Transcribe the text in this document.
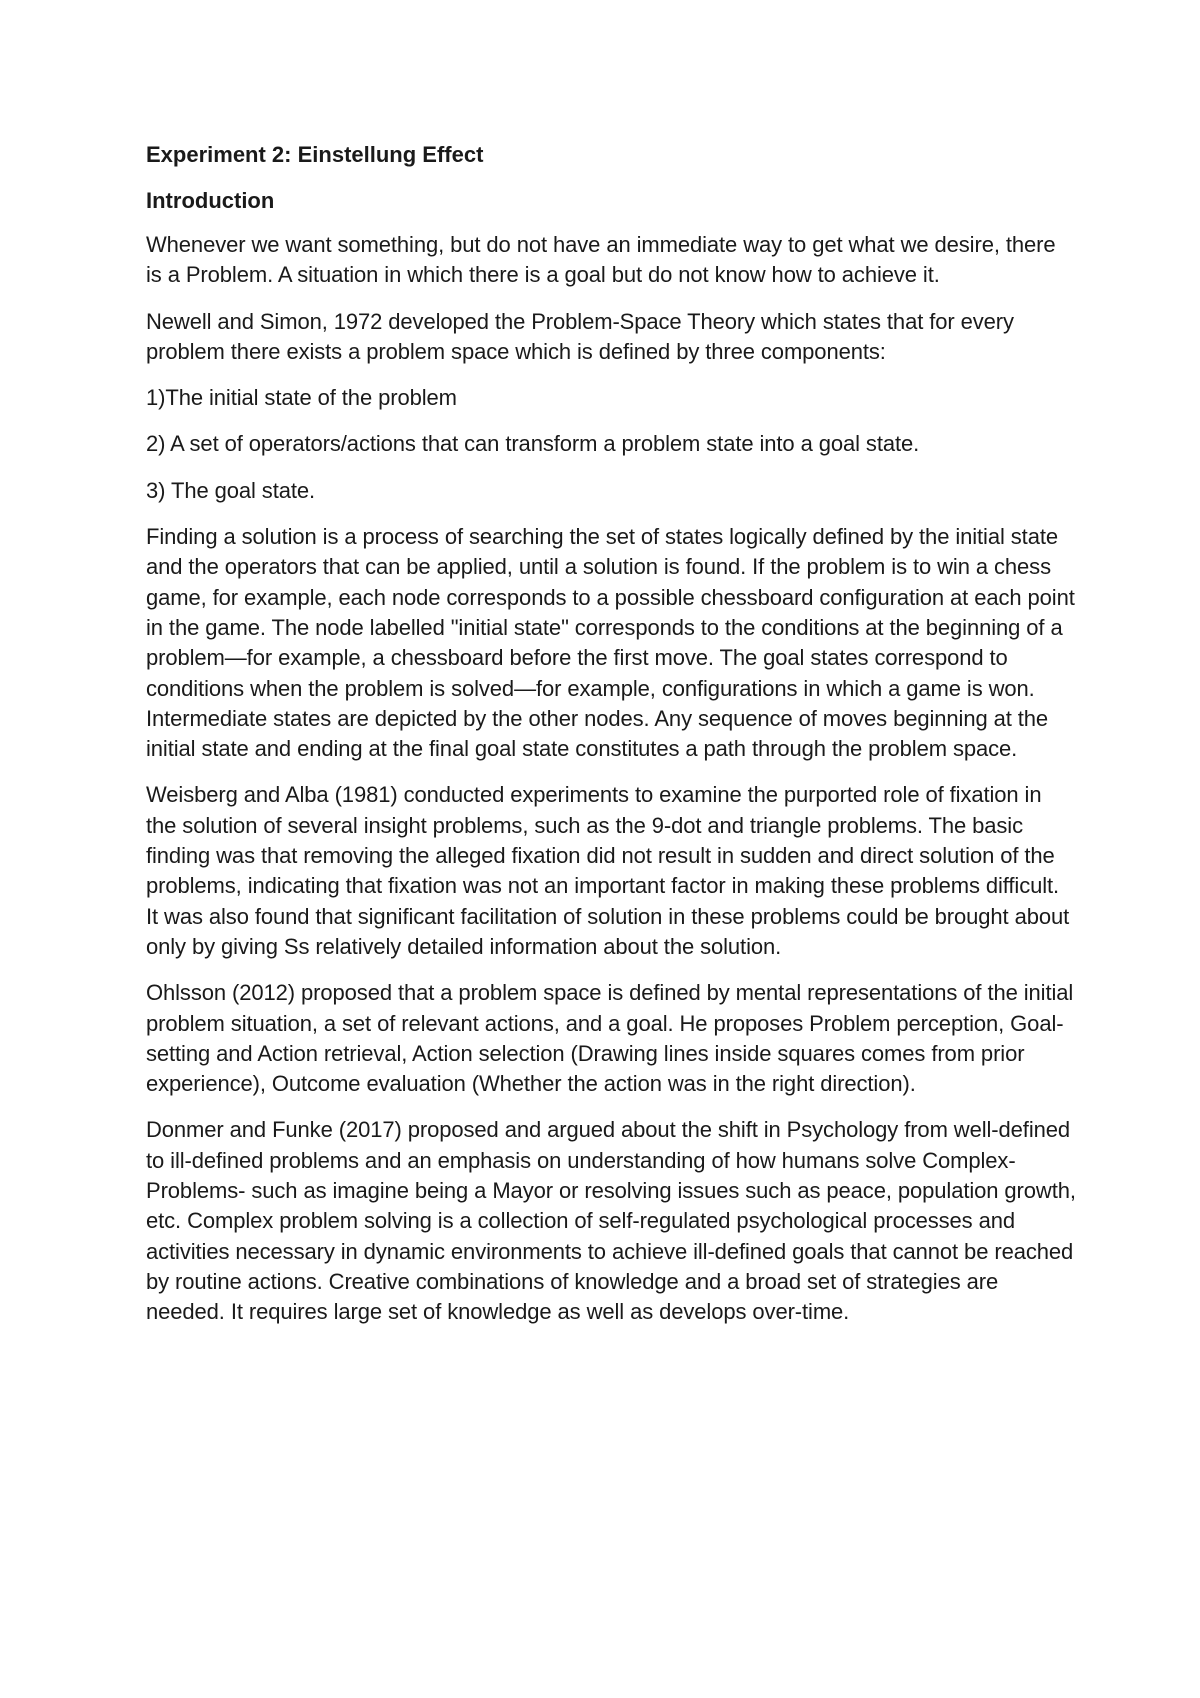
Experiment 2: Einstellung Effect
Introduction

Whenever we want something, but do not have an immediate way to get what we desire, there is a Problem. A situation in which there is a goal but do not know how to achieve it.

Newell and Simon, 1972 developed the Problem-Space Theory which states that for every problem there exists a problem space which is defined by three components:

1)The initial state of the problem

2) A set of operators/actions that can transform a problem state into a goal state.

3) The goal state.

Finding a solution is a process of searching the set of states logically defined by the initial state and the operators that can be applied, until a solution is found. If the problem is to win a chess game, for example, each node corresponds to a possible chessboard configuration at each point in the game. The node labelled "initial state" corresponds to the conditions at the beginning of a problem—for example, a chessboard before the first move. The goal states correspond to conditions when the problem is solved—for example, configurations in which a game is won. Intermediate states are depicted by the other nodes. Any sequence of moves beginning at the initial state and ending at the final goal state constitutes a path through the problem space.

Weisberg and Alba (1981) conducted experiments to examine the purported role of fixation in the solution of several insight problems, such as the 9-dot and triangle problems. The basic finding was that removing the alleged fixation did not result in sudden and direct solution of the problems, indicating that fixation was not an important factor in making these problems difficult. It was also found that significant facilitation of solution in these problems could be brought about only by giving Ss relatively detailed information about the solution.

Ohlsson (2012) proposed that a problem space is defined by mental representations of the initial problem situation, a set of relevant actions, and a goal. He proposes Problem perception, Goal-setting and Action retrieval, Action selection (Drawing lines inside squares comes from prior experience), Outcome evaluation (Whether the action was in the right direction).

Donmer and Funke (2017) proposed and argued about the shift in Psychology from well-defined to ill-defined problems and an emphasis on understanding of how humans solve Complex-Problems- such as imagine being a Mayor or resolving issues such as peace, population growth, etc. Complex problem solving is a collection of self-regulated psychological processes and activities necessary in dynamic environments to achieve ill-defined goals that cannot be reached by routine actions. Creative combinations of knowledge and a broad set of strategies are needed. It requires large set of knowledge as well as develops over-time.
